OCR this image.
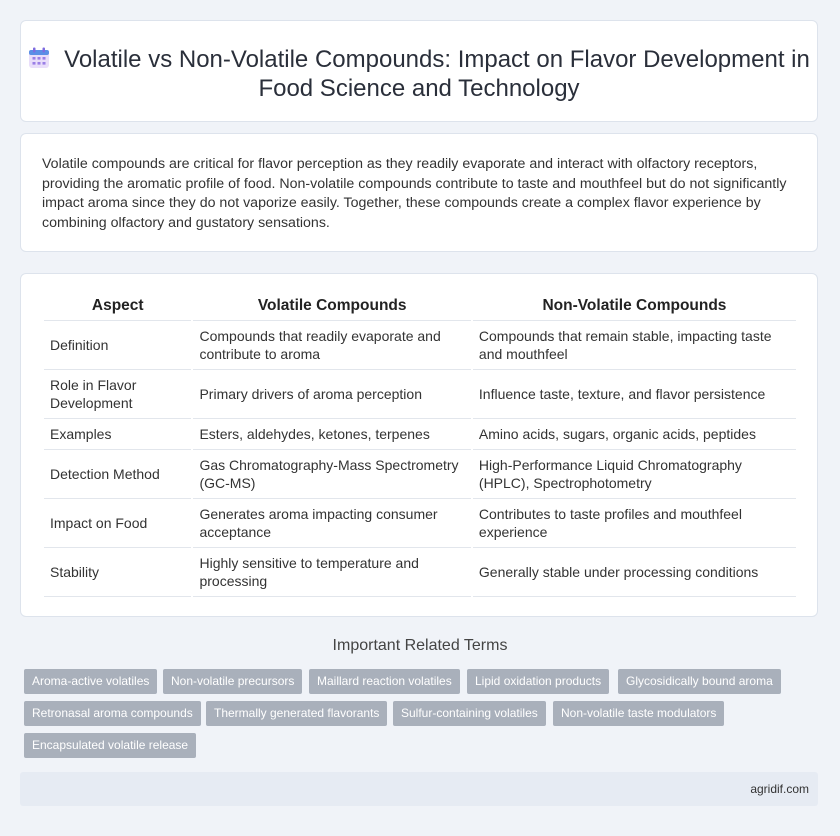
Volatile vs Non-Volatile Compounds: Impact on Flavor Development in Food Science and Technology
Volatile compounds are critical for flavor perception as they readily evaporate and interact with olfactory receptors, providing the aromatic profile of food. Non-volatile compounds contribute to taste and mouthfeel but do not significantly impact aroma since they do not vaporize easily. Together, these compounds create a complex flavor experience by combining olfactory and gustatory sensations.
Aspect	Volatile Compounds	Non-Volatile Compounds
Definition	Compounds that readily evaporate and contribute to aroma	Compounds that remain stable, impacting taste and mouthfeel
Role in Flavor Development	Primary drivers of aroma perception	Influence taste, texture, and flavor persistence
Examples	Esters, aldehydes, ketones, terpenes	Amino acids, sugars, organic acids, peptides
Detection Method	Gas Chromatography-Mass Spectrometry (GC-MS)	High-Performance Liquid Chromatography (HPLC), Spectrophotometry
Impact on Food	Generates aroma impacting consumer acceptance	Contributes to taste profiles and mouthfeel experience
Stability	Highly sensitive to temperature and processing	Generally stable under processing conditions
Important Related Terms
Aroma-active volatiles	Non-volatile precursors	Maillard reaction volatiles	Lipid oxidation products	Glycosidically bound aroma
Retronasal aroma compounds	Thermally generated flavorants	Sulfur-containing volatiles	Non-volatile taste modulators
Encapsulated volatile release
agridif.com
